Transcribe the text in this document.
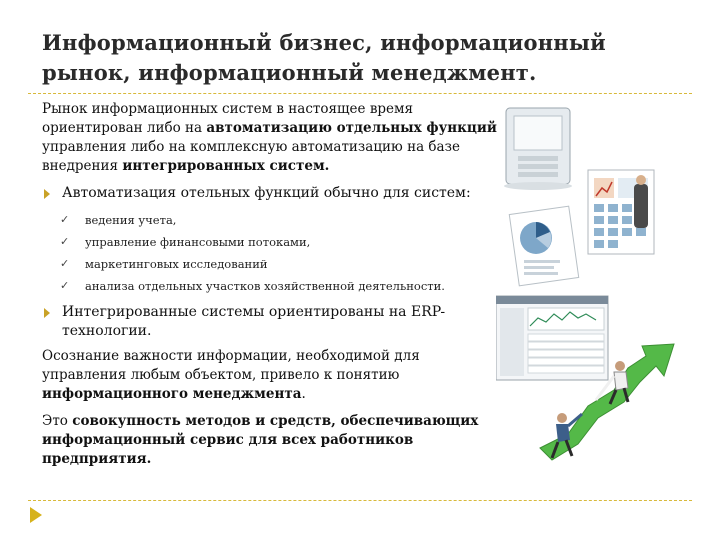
Информационный бизнес, информационный рынок, информационный менеджмент.

Рынок информационных систем в настоящее время ориентирован либо на автоматизацию отдельных функций управления либо на комплексную автоматизацию на базе внедрения интегрированных систем.

Автоматизация отельных функций обычно для систем:
✓ ведения учета,
✓ управление финансовыми потоками,
✓ маркетинговых исследований
✓ анализа отдельных участков хозяйственной деятельности.
Интегрированные системы ориентированы на ERP-технологии.

Осознание важности информации, необходимой для управления любым объектом, привело к понятию информационного менеджмента.

Это совокупность методов и средств, обеспечивающих информационный сервис для всех работников предприятия.
